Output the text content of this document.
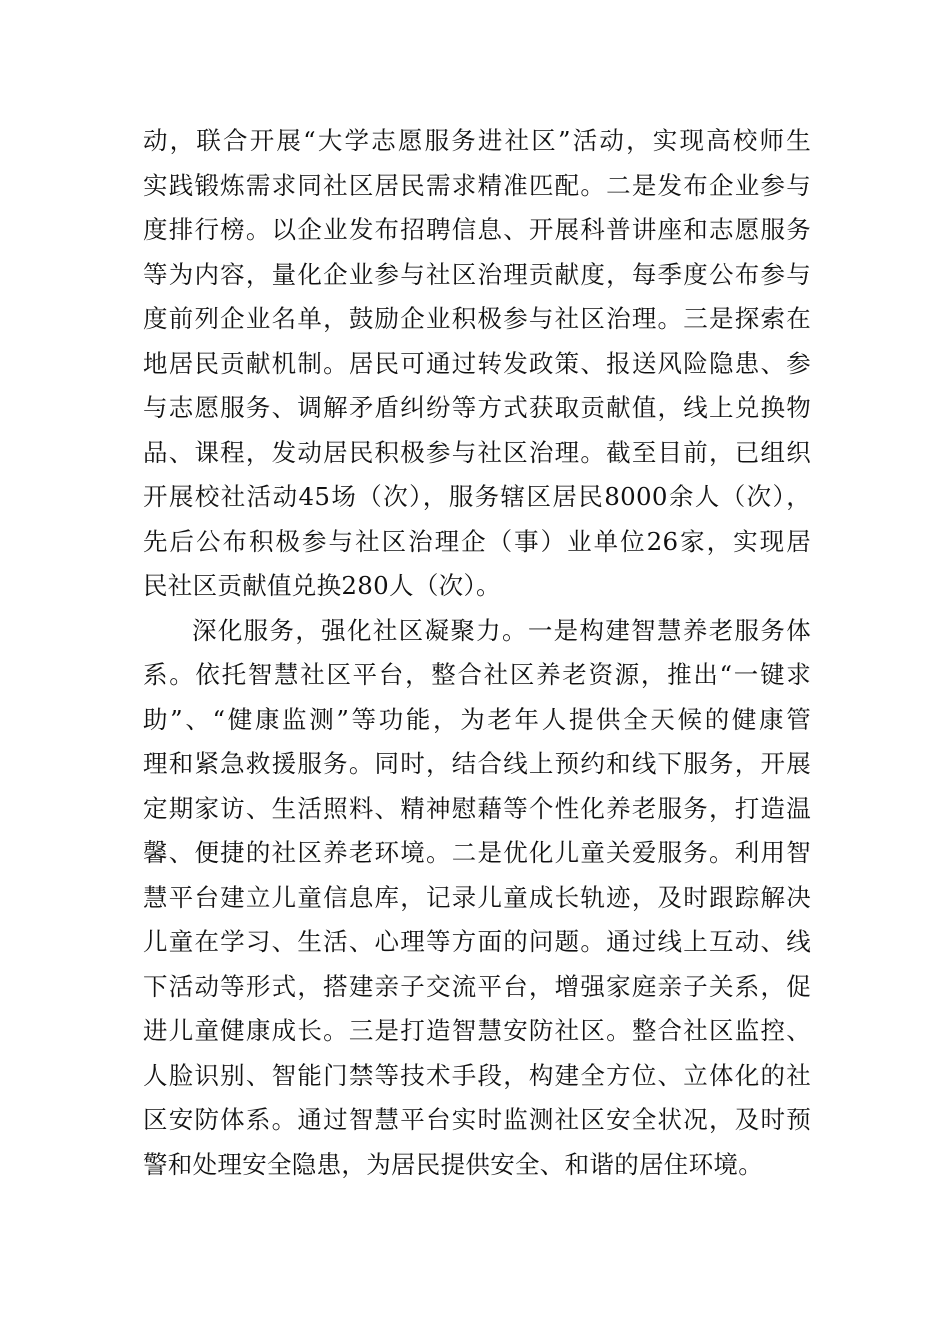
动，联合开展“大学志愿服务进社区”活动，实现高校师生
实践锻炼需求同社区居民需求精准匹配。二是发布企业参与
度排行榜。以企业发布招聘信息、开展科普讲座和志愿服务
等为内容，量化企业参与社区治理贡献度，每季度公布参与
度前列企业名单，鼓励企业积极参与社区治理。三是探索在
地居民贡献机制。居民可通过转发政策、报送风险隐患、参
与志愿服务、调解矛盾纠纷等方式获取贡献值，线上兑换物
品、课程，发动居民积极参与社区治理。截至目前，已组织
开展校社活动45场（次），服务辖区居民8000余人（次），
先后公布积极参与社区治理企（事）业单位26家，实现居
民社区贡献值兑换280人（次）。
深化服务，强化社区凝聚力。一是构建智慧养老服务体
系。依托智慧社区平台，整合社区养老资源，推出“一键求
助”、“健康监测”等功能，为老年人提供全天候的健康管
理和紧急救援服务。同时，结合线上预约和线下服务，开展
定期家访、生活照料、精神慰藉等个性化养老服务，打造温
馨、便捷的社区养老环境。二是优化儿童关爱服务。利用智
慧平台建立儿童信息库，记录儿童成长轨迹，及时跟踪解决
儿童在学习、生活、心理等方面的问题。通过线上互动、线
下活动等形式，搭建亲子交流平台，增强家庭亲子关系，促
进儿童健康成长。三是打造智慧安防社区。整合社区监控、
人脸识别、智能门禁等技术手段，构建全方位、立体化的社
区安防体系。通过智慧平台实时监测社区安全状况，及时预
警和处理安全隐患，为居民提供安全、和谐的居住环境。
